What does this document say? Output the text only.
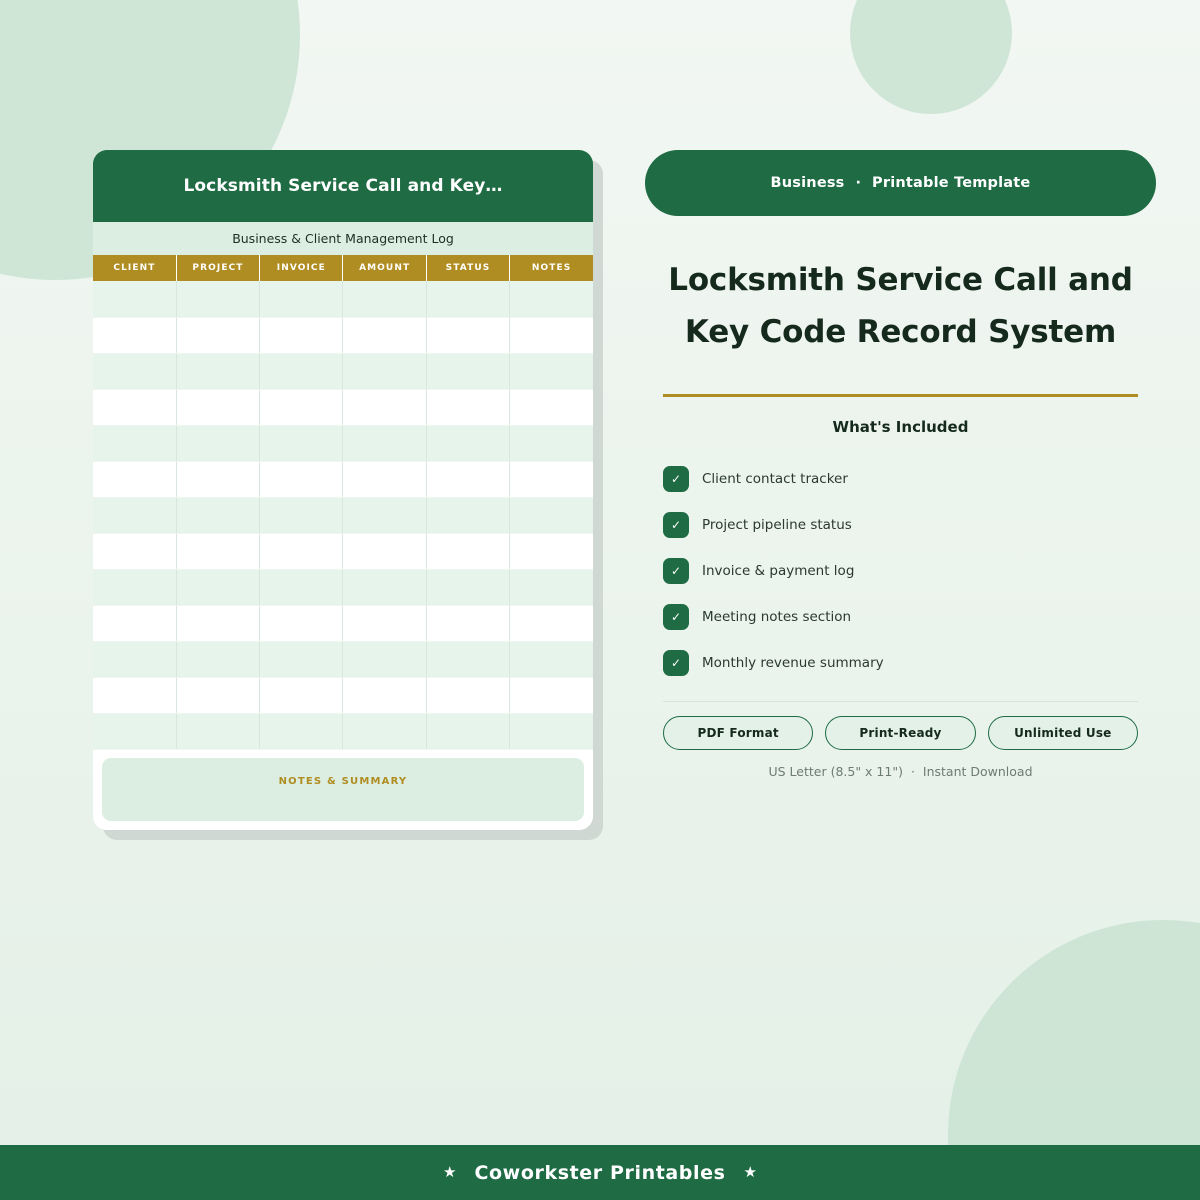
Locksmith Service Call and Key…
Business & Client Management Log
CLIENT	PROJECT	INVOICE	AMOUNT	STATUS	NOTES

NOTES & SUMMARY
Business · Printable Template
Locksmith Service Call and Key Code Record System
What's Included
✓	Client contact tracker
✓	Project pipeline status
✓	Invoice & payment log
✓	Meeting notes section
✓	Monthly revenue summary
PDF Format	Print-Ready	Unlimited Use
US Letter (8.5" x 11") · Instant Download
★ Coworkster Printables ★
